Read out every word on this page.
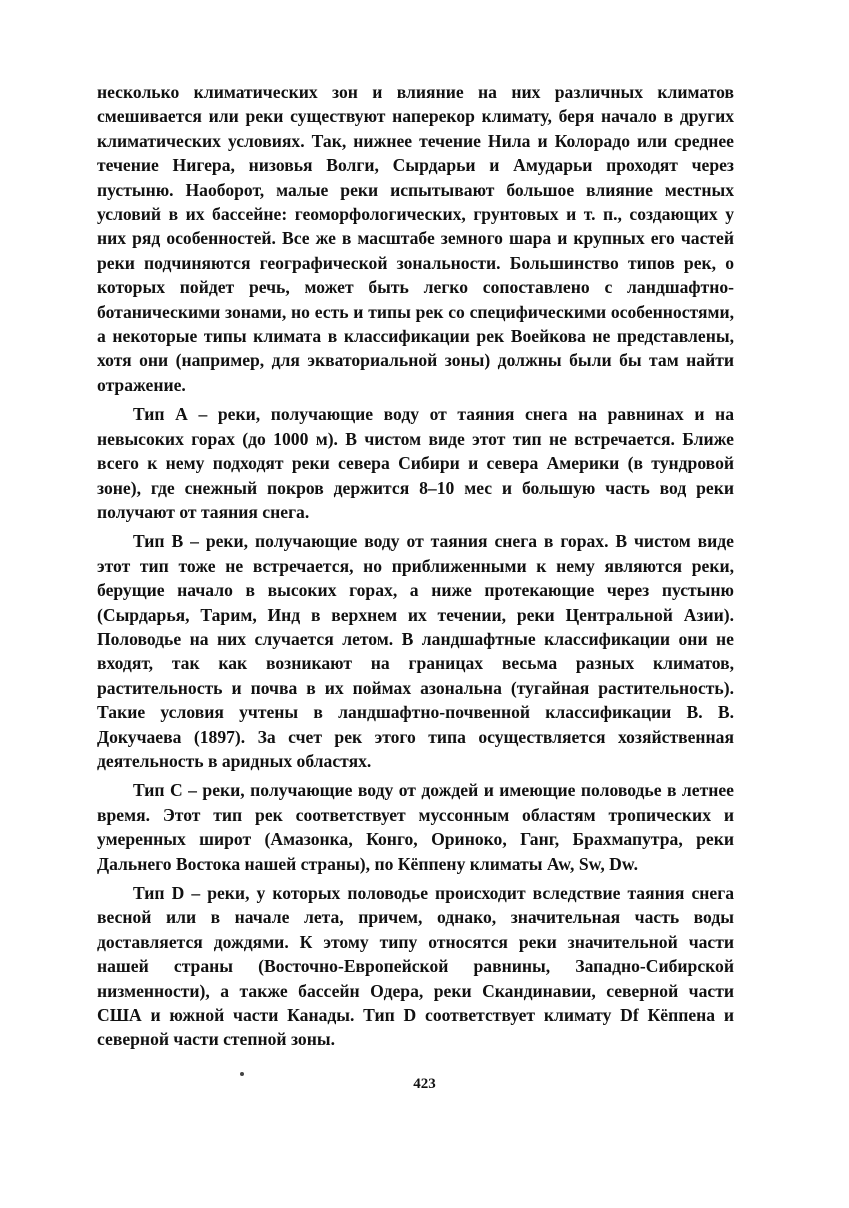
несколько климатических зон и влияние на них различных климатов смешивается или реки существуют наперекор климату, беря начало в других климатических условиях. Так, нижнее течение Нила и Колорадо или среднее течение Нигера, низовья Волги, Сырдарьи и Амударьи проходят через пустыню. Наоборот, малые реки испытывают большое влияние местных условий в их бассейне: геоморфологических, грунтовых и т. п., создающих у них ряд особенностей. Все же в масштабе земного шара и крупных его частей реки подчиняются географической зональности. Большинство типов рек, о которых пойдет речь, может быть легко сопоставлено с ландшафтно-ботаническими зонами, но есть и типы рек со специфическими особенностями, а некоторые типы климата в классификации рек Воейкова не представлены, хотя они (например, для экваториальной зоны) должны были бы там найти отражение.

Тип А – реки, получающие воду от таяния снега на равнинах и на невысоких горах (до 1000 м). В чистом виде этот тип не встречается. Ближе всего к нему подходят реки севера Сибири и севера Америки (в тундровой зоне), где снежный покров держится 8–10 мес и большую часть вод реки получают от таяния снега.

Тип В – реки, получающие воду от таяния снега в горах. В чистом виде этот тип тоже не встречается, но приближенными к нему являются реки, берущие начало в высоких горах, а ниже протекающие через пустыню (Сырдарья, Тарим, Инд в верхнем их течении, реки Центральной Азии). Половодье на них случается летом. В ландшафтные классификации они не входят, так как возникают на границах весьма разных климатов, растительность и почва в их поймах азональна (тугайная растительность). Такие условия учтены в ландшафтно-почвенной классификации В. В. Докучаева (1897). За счет рек этого типа осуществляется хозяйственная деятельность в аридных областях.

Тип С – реки, получающие воду от дождей и имеющие половодье в летнее время. Этот тип рек соответствует муссонным областям тропических и умеренных широт (Амазонка, Конго, Ориноко, Ганг, Брахмапутра, реки Дальнего Востока нашей страны), по Кёппену климаты Aw, Sw, Dw.

Тип D – реки, у которых половодье происходит вследствие таяния снега весной или в начале лета, причем, однако, значительная часть воды доставляется дождями. К этому типу относятся реки значительной части нашей страны (Восточно-Европейской равнины, Западно-Сибирской низменности), а также бассейн Одера, реки Скандинавии, северной части США и южной части Канады. Тип D соответствует климату Df Кёппена и северной части степной зоны.

423
